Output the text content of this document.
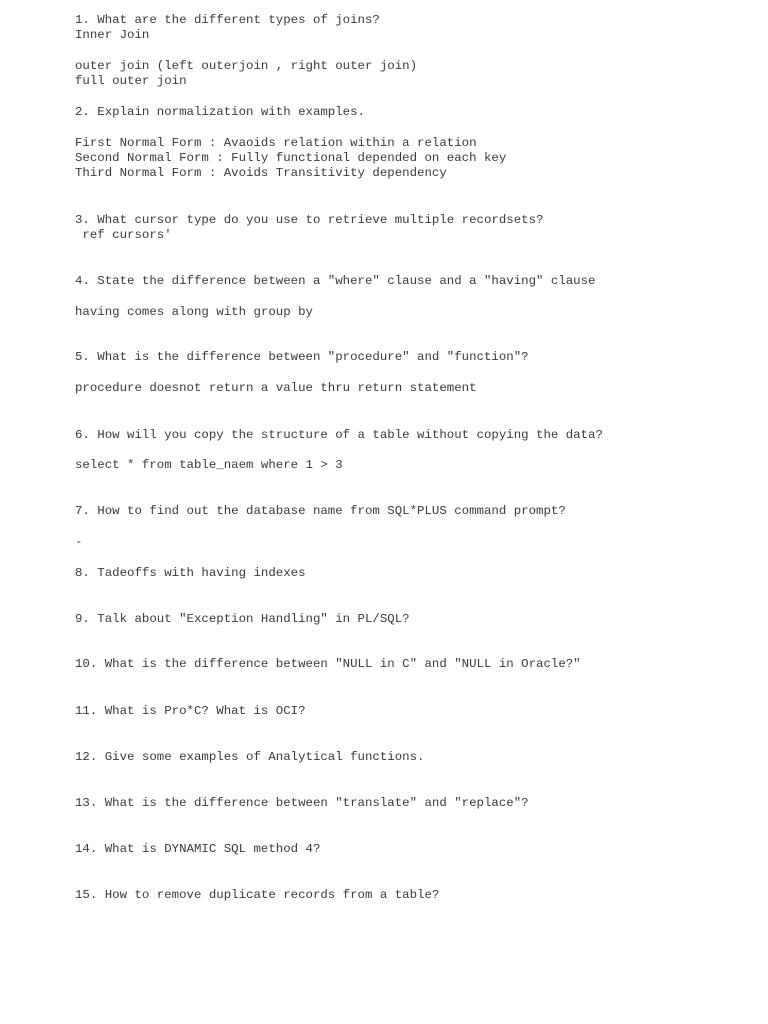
1. What are the different types of joins?
Inner Join
outer join (left outerjoin , right outer join)
full outer join
2. Explain normalization with examples.
First Normal Form : Avaoids relation within a relation
Second Normal Form : Fully functional depended on each key
Third Normal Form : Avoids Transitivity dependency
3. What cursor type do you use to retrieve multiple recordsets?
ref cursors'
4. State the difference between a "where" clause and a "having" clause
having comes along with group by
5. What is the difference between "procedure" and "function"?
procedure doesnot return a value thru return statement
6. How will you copy the structure of a table without copying the data?
select * from table_naem where 1 > 3
7. How to find out the database name from SQL*PLUS command prompt?
-
8. Tadeoffs with having indexes
9. Talk about "Exception Handling" in PL/SQL?
10. What is the difference between "NULL in C" and "NULL in Oracle?"
11. What is Pro*C? What is OCI?
12. Give some examples of Analytical functions.
13. What is the difference between "translate" and "replace"?
14. What is DYNAMIC SQL method 4?
15. How to remove duplicate records from a table?
